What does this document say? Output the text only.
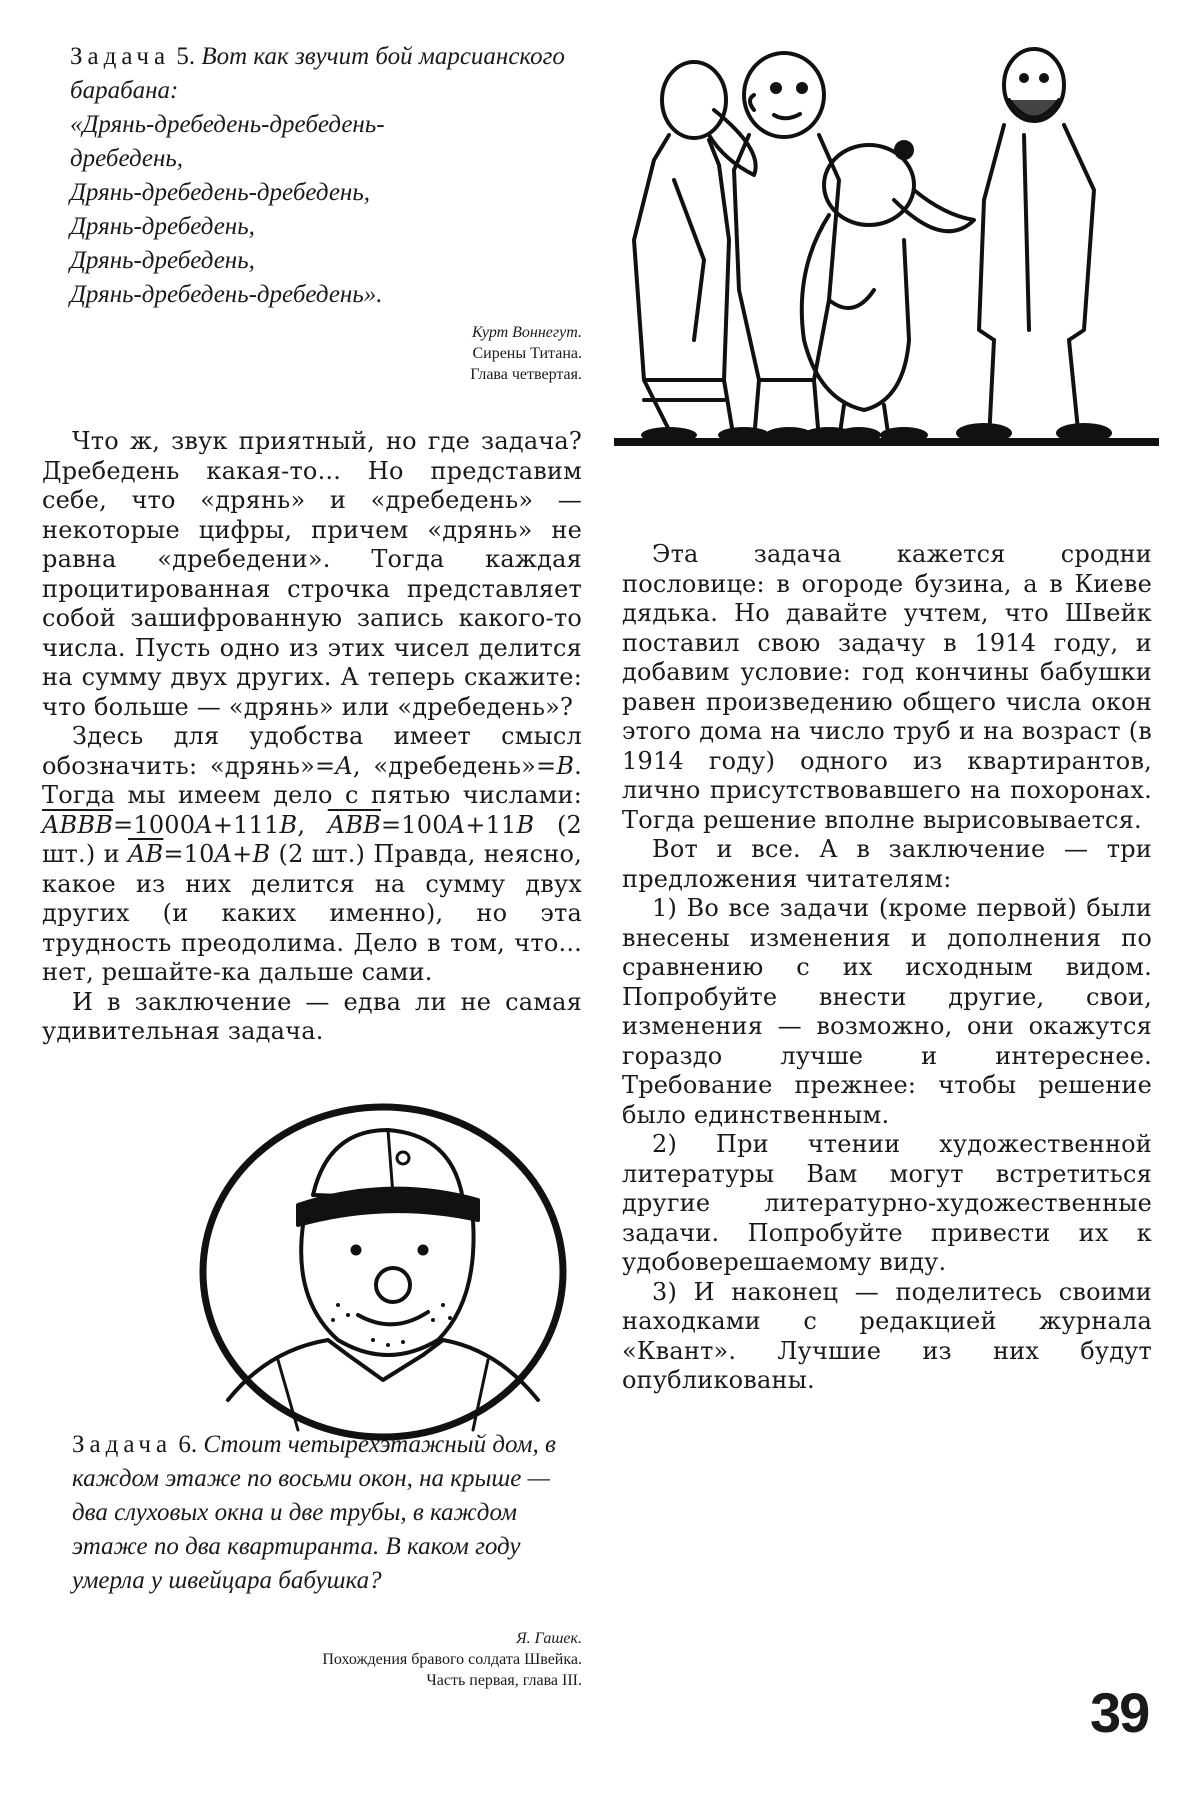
Задача 5. Вот как звучит бой марсианского барабана:
«Дрянь-дребедень-дребедень-
дребедень,
Дрянь-дребедень-дребедень,
Дрянь-дребедень,
Дрянь-дребедень,
Дрянь-дребедень-дребедень».
Курт Воннегут.
Сирены Титана.
Глава четвертая.

Что ж, звук приятный, но где задача? Дребедень какая-то... Но представим себе, что «дрянь» и «дребедень» — некоторые цифры, причем «дрянь» не равна «дребедени». Тогда каждая процитированная строчка представляет собой зашифрованную запись какого-то числа. Пусть одно из этих чисел делится на сумму двух других. А теперь скажите: что больше — «дрянь» или «дребедень»?

Здесь для удобства имеет смысл обозначить: «дрянь»=A, «дребедень»=B. Тогда мы имеем дело с пятью числами: ABBB=1000A+111B, $\overline{ABB}=100A+11B$ (2 шт.) и $\overline{AB}=10A+B$ (2 шт.) Правда, неясно, какое из них делится на сумму двух других (и каких именно), но эта трудность преодолима. Дело в том, что... нет, решайте-ка дальше сами.

И в заключение — едва ли не самая удивительная задача.

Задача 6. Стоит четырехэтажный дом, в каждом этаже по восьми окон, на крыше — два слуховых окна и две трубы, в каждом этаже по два квартиранта. В каком году умерла у швейцара бабушка?
Я. Гашек.
Похождения бравого солдата Швейка.
Часть первая, глава III.

Эта задача кажется сродни пословице: в огороде бузина, а в Киеве дядька. Но давайте учтем, что Швейк поставил свою задачу в 1914 году, и добавим условие: год кончины бабушки равен произведению общего числа окон этого дома на число труб и на возраст (в 1914 году) одного из квартирантов, лично присутствовавшего на похоронах. Тогда решение вполне вырисовывается.

Вот и все. А в заключение — три предложения читателям:

1) Во все задачи (кроме первой) были внесены изменения и дополнения по сравнению с их исходным видом. Попробуйте внести другие, свои, изменения — возможно, они окажутся гораздо лучше и интереснее. Требование прежнее: чтобы решение было единственным.

2) При чтении художественной литературы Вам могут встретиться другие литературно-художественные задачи. Попробуйте привести их к удобоверешаемому виду.

3) И наконец — поделитесь своими находками с редакцией журнала «Квант». Лучшие из них будут опубликованы.

39
